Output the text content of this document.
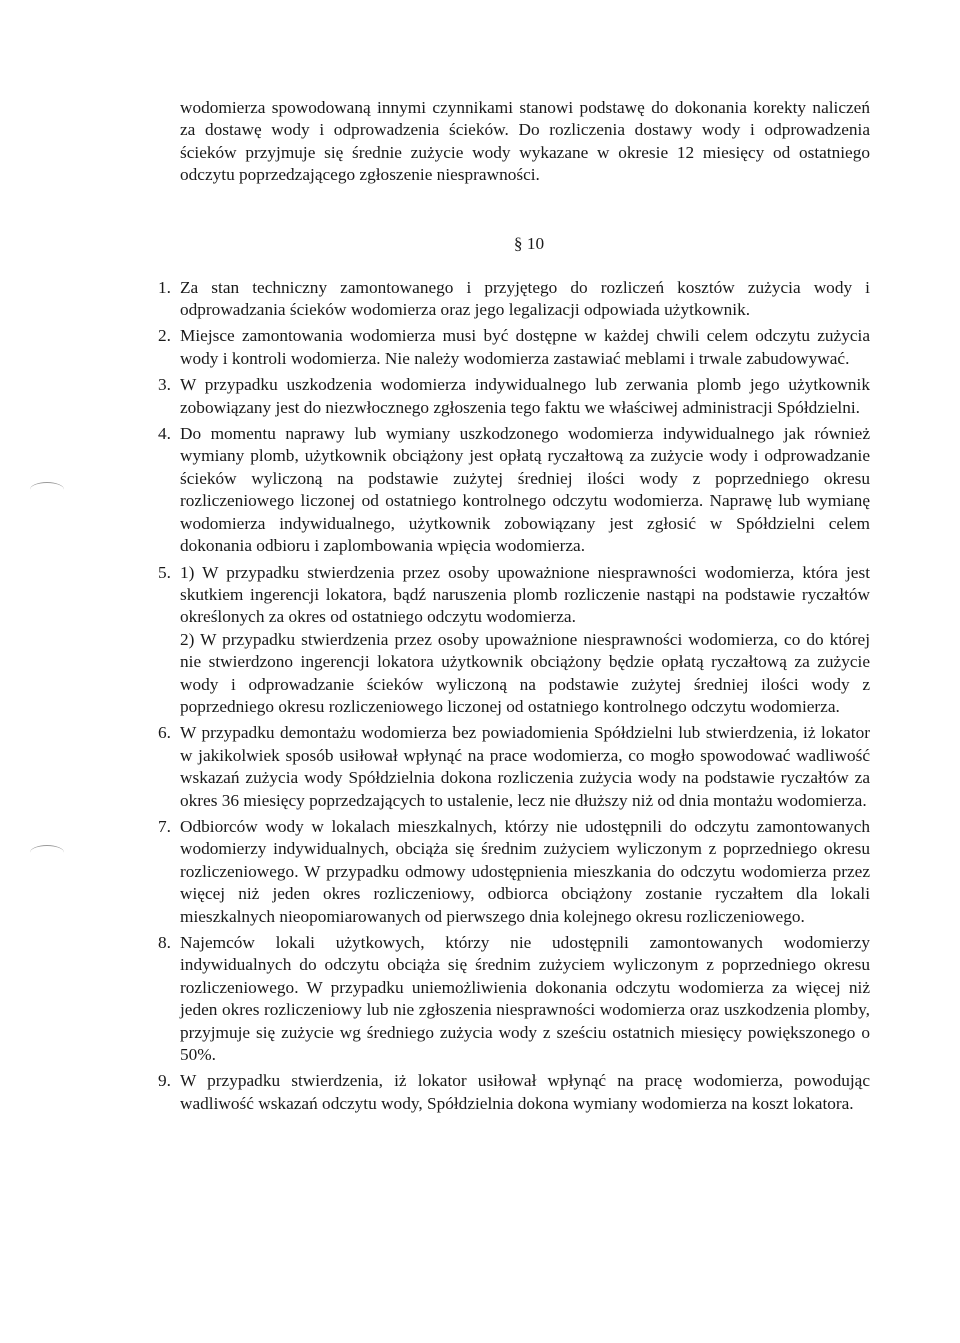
wodomierza spowodowaną innymi czynnikami stanowi podstawę do dokonania korekty naliczeń za dostawę wody i odprowadzenia ścieków. Do rozliczenia dostawy wody i odprowadzenia ścieków przyjmuje się średnie zużycie wody wykazane w okresie 12 miesięcy od ostatniego odczytu poprzedzającego zgłoszenie niesprawności.

§ 10
1. Za stan techniczny zamontowanego i przyjętego do rozliczeń kosztów zużycia wody i odprowadzania ścieków wodomierza oraz jego legalizacji odpowiada użytkownik.

2. Miejsce zamontowania wodomierza musi być dostępne w każdej chwili celem odczytu zużycia wody i kontroli wodomierza. Nie należy wodomierza zastawiać meblami i trwale zabudowywać.

3. W przypadku uszkodzenia wodomierza indywidualnego lub zerwania plomb jego użytkownik zobowiązany jest do niezwłocznego zgłoszenia tego faktu we właściwej administracji Spółdzielni.

4. Do momentu naprawy lub wymiany uszkodzonego wodomierza indywidualnego jak również wymiany plomb, użytkownik obciążony jest opłatą ryczałtową za zużycie wody i odprowadzanie ścieków wyliczoną na podstawie zużytej średniej ilości wody z poprzedniego okresu rozliczeniowego liczonej od ostatniego kontrolnego odczytu wodomierza. Naprawę lub wymianę wodomierza indywidualnego, użytkownik zobowiązany jest zgłosić w Spółdzielni celem dokonania odbioru i zaplombowania wpięcia wodomierza.

5. 1) W przypadku stwierdzenia przez osoby upoważnione niesprawności wodomierza, która jest skutkiem ingerencji lokatora, bądź naruszenia plomb rozliczenie nastąpi na podstawie ryczałtów określonych za okres od ostatniego odczytu wodomierza.

2) W przypadku stwierdzenia przez osoby upoważnione niesprawności wodomierza, co do której nie stwierdzono ingerencji lokatora użytkownik obciążony będzie opłatą ryczałtową za zużycie wody i odprowadzanie ścieków wyliczoną na podstawie zużytej średniej ilości wody z poprzedniego okresu rozliczeniowego liczonej od ostatniego kontrolnego odczytu wodomierza.

6. W przypadku demontażu wodomierza bez powiadomienia Spółdzielni lub stwierdzenia, iż lokator w jakikolwiek sposób usiłował wpłynąć na prace wodomierza, co mogło spowodować wadliwość wskazań zużycia wody Spółdzielnia dokona rozliczenia zużycia wody na podstawie ryczałtów za okres 36 miesięcy poprzedzających to ustalenie, lecz nie dłuższy niż od dnia montażu wodomierza.

7. Odbiorców wody w lokalach mieszkalnych, którzy nie udostępnili do odczytu zamontowanych wodomierzy indywidualnych, obciąża się średnim zużyciem wyliczonym z poprzedniego okresu rozliczeniowego. W przypadku odmowy udostępnienia mieszkania do odczytu wodomierza przez więcej niż jeden okres rozliczeniowy, odbiorca obciążony zostanie ryczałtem dla lokali mieszkalnych nieopomiarowanych od pierwszego dnia kolejnego okresu rozliczeniowego.

8. Najemców lokali użytkowych, którzy nie udostępnili zamontowanych wodomierzy indywidualnych do odczytu obciąża się średnim zużyciem wyliczonym z poprzedniego okresu rozliczeniowego. W przypadku uniemożliwienia dokonania odczytu wodomierza za więcej niż jeden okres rozliczeniowy lub nie zgłoszenia niesprawności wodomierza oraz uszkodzenia plomby, przyjmuje się zużycie wg średniego zużycia wody z sześciu ostatnich miesięcy powiększonego o 50%.

9. W przypadku stwierdzenia, iż lokator usiłował wpłynąć na pracę wodomierza, powodując wadliwość wskazań odczytu wody, Spółdzielnia dokona wymiany wodomierza na koszt lokatora.
